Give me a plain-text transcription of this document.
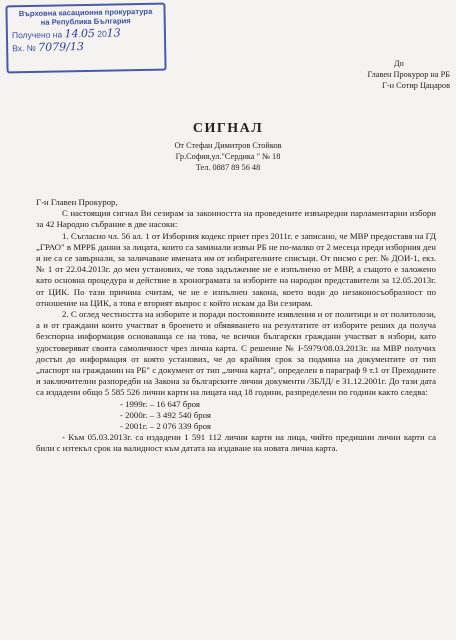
Върховна касационна прокуратура
на Република България
Получено на 14.05 2013
Вх. № 7079/13
До
Главен Прокурор на РБ
Г-н Сотир Цацаров
СИГНАЛ
От Стефан Димитров Стойков
Гр.София,ул."Сердика " № 18
Тел. 0887 89 56 48

Г-н Главен Прокурор,

С настоящия сигнал Ви сезирам за законността на проведените извънредни парламентарни избори за 42 Народно събрание в две насоки:

1. Съгласно чл. 56 ал. 1 от Изборния кодекс приет през 2011г. е записано, че МВР предоставя на ГД „ГРАО" в МРРБ данни за лицата, които са заминали извън РБ не по-малко от 2 месеца преди изборния ден и не са се завърнали, за заличаване имената им от избирателните списъци. От писмо с рег. № ДОИ-1, екз. № 1 от 22.04.2013г. до мен установих, че това задължение не е изпълнено от МВР, а същото е заложено като основна процедура и действие в хронограмата за изборите на народни представители за 12.05.2013г. от ЦИК. По тази причина считам, че не е изпълнен закона, което води до незаконосъобразност по отношение на ЦИК, а това е вторият въпрос с който искам да Ви сезирам.

2. С оглед честността на изборите и поради постоянните изявления и от политици и от политолози, а и от граждани които участват в броенето и обявяването на резултатите от изборите реших да получа безспорна информация основаваща се на това, че всички български граждани участват в избори, като удостоверяват своята самоличност чрез лична карта. С решение № I-5979/08.03.2013г. на МВР получих достъп до информация от която установих, че до крайния срок за подмяна на документите от тип „паспорт на гражданин на РБ" с документ от тип „лична карта", определен в параграф 9 т.1 от Преходните и заключителни разпоредби на Закона за българските лични документи /ЗБЛД/ е 31.12.2001г. До тази дата са издадени общо 5 585 526 лични карти на лицата над 18 години, разпределени по години както следва:

- 1999г. – 16 647 броя

- 2000г. – 3 492 540 броя

- 2001г. – 2 076 339 броя

- Към 05.03.2013г. са издадени 1 591 112 лични карти на лица, чийто предишни лични карти са били с изтекъл срок на валидност към датата на издаване на новата лична карта.
